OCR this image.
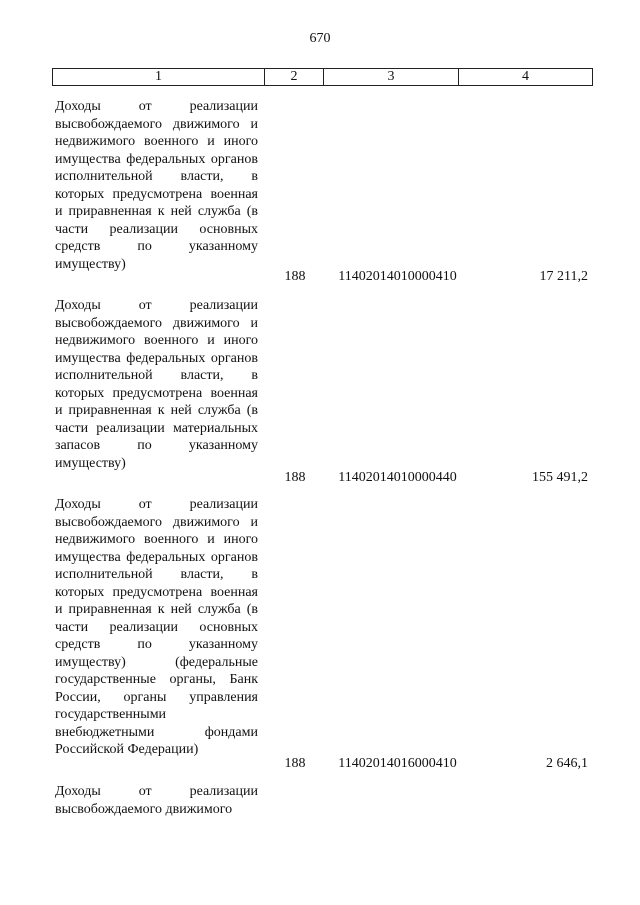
670
1	2	3	4
Доходы от реализации высвобождаемого движимого и недвижимого военного и иного имущества федеральных органов исполнительной власти, в которых предусмотрена военная и приравненная к ней служба (в части реализации основных средств по указанному имуществу)
188	11402014010000410	17 211,2
Доходы от реализации высвобождаемого движимого и недвижимого военного и иного имущества федеральных органов исполнительной власти, в которых предусмотрена военная и приравненная к ней служба (в части реализации материальных запасов по указанному имуществу)
188	11402014010000440	155 491,2
Доходы от реализации высвобождаемого движимого и недвижимого военного и иного имущества федеральных органов исполнительной власти, в которых предусмотрена военная и приравненная к ней служба (в части реализации основных средств по указанному имуществу) (федеральные государственные органы, Банк России, органы управления государственными внебюджетными фондами Российской Федерации)
188	11402014016000410	2 646,1
Доходы от реализации высвобождаемого движимого
